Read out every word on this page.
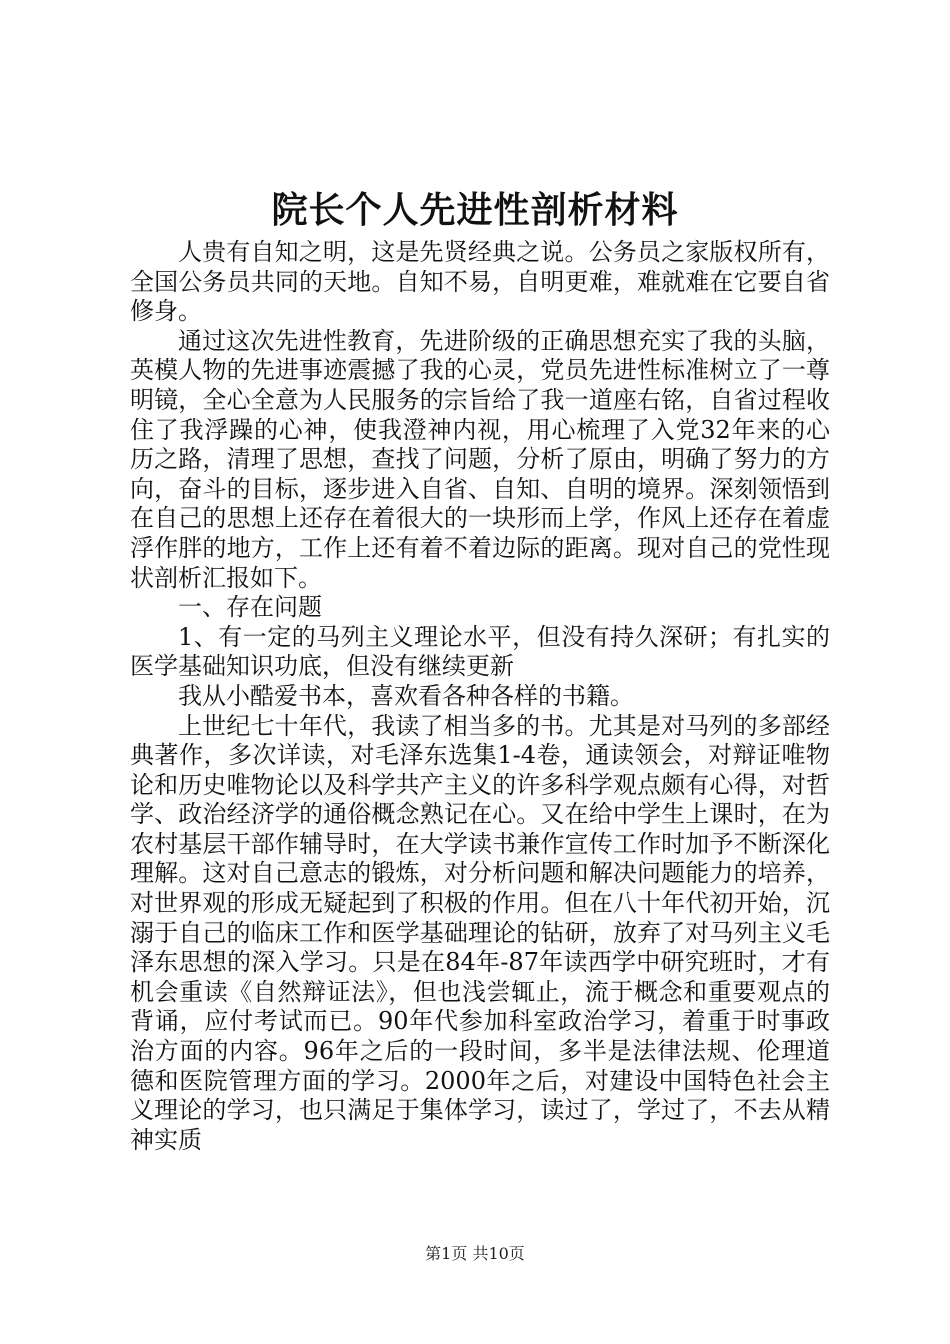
院长个人先进性剖析材料

人贵有自知之明，这是先贤经典之说。公务员之家版权所有，全国公务员共同的天地。自知不易，自明更难，难就难在它要自省修身。

通过这次先进性教育，先进阶级的正确思想充实了我的头脑，英模人物的先进事迹震撼了我的心灵，党员先进性标准树立了一尊明镜，全心全意为人民服务的宗旨给了我一道座右铭，自省过程收住了我浮躁的心神，使我澄神内视，用心梳理了入党32年来的心历之路，清理了思想，查找了问题，分析了原由，明确了努力的方向，奋斗的目标，逐步进入自省、自知、自明的境界。深刻领悟到在自己的思想上还存在着很大的一块形而上学，作风上还存在着虚浮作胖的地方，工作上还有着不着边际的距离。现对自己的党性现状剖析汇报如下。

一、存在问题

1、有一定的马列主义理论水平，但没有持久深研；有扎实的医学基础知识功底，但没有继续更新

我从小酷爱书本，喜欢看各种各样的书籍。

上世纪七十年代，我读了相当多的书。尤其是对马列的多部经典著作，多次详读，对毛泽东选集1-4卷，通读领会，对辩证唯物论和历史唯物论以及科学共产主义的许多科学观点颇有心得，对哲学、政治经济学的通俗概念熟记在心。又在给中学生上课时，在为农村基层干部作辅导时，在大学读书兼作宣传工作时加予不断深化理解。这对自己意志的锻炼，对分析问题和解决问题能力的培养，对世界观的形成无疑起到了积极的作用。但在八十年代初开始，沉溺于自己的临床工作和医学基础理论的钻研，放弃了对马列主义毛泽东思想的深入学习。只是在84年-87年读西学中研究班时，才有机会重读《自然辩证法》，但也浅尝辄止，流于概念和重要观点的背诵，应付考试而已。90年代参加科室政治学习，着重于时事政治方面的内容。96年之后的一段时间，多半是法律法规、伦理道德和医院管理方面的学习。2000年之后，对建设中国特色社会主义理论的学习，也只满足于集体学习，读过了，学过了，不去从精神实质

第1页 共10页
